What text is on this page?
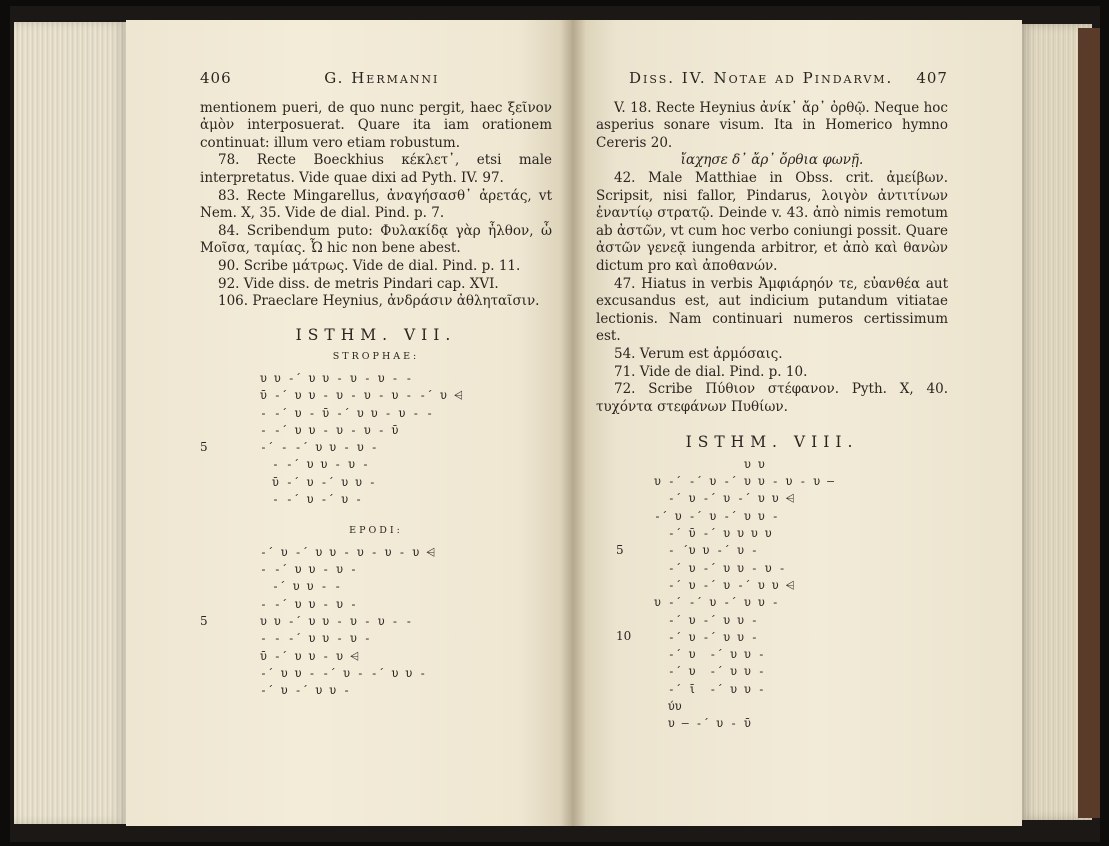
406	G. Hermanni

mentionem pueri, de quo nunc pergit, haec ξεῖνον ἀμὸν interposuerat. Quare ita iam orationem continuat: illum vero etiam robustum.

78. Recte Boeckhius κέκλετ᾿, etsi male interpretatus. Vide quae dixi ad Pyth. IV. 97.

83. Recte Mingarellus, ἀναγήσασθ᾿ ἀρετάς, vt Nem. X, 35. Vide de dial. Pind. p. 7.

84. Scribendum puto: Φυλακίδᾳ γὰρ ἦλθον, ὦ Μοῖσα, ταμίας. Ὦ hic non bene abest.

90. Scribe μάτρως. Vide de dial. Pind. p. 11.

92. Vide diss. de metris Pindari cap. XVI.

106. Praeclare Heynius, ἀνδράσιν ἀθληταῖσιν.

ISTHM. VII.
STROPHAE:
υ υ -΄ υ υ - υ - υ - -
ῡ -΄ υ υ - υ - υ - υ - -΄ υ ⩤
- -΄ υ - ῡ -΄ υ υ - υ - -
- -΄ υ υ - υ - υ - ῡ
-΄ - -΄ υ υ - υ -
- -΄ υ υ - υ -
ῡ -΄ υ -΄ υ υ -
- -΄ υ -΄ υ -
5
EPODI:
-΄ υ -΄ υ υ - υ - υ - υ ⩤
- -΄ υ υ - υ -
-΄ υ υ - -
- -΄ υ υ - υ -
υ υ -΄ υ υ - υ - υ - -
- - -΄ υ υ - υ -
ῡ -΄ υ υ - υ ⩤
-΄ υ υ - -΄ υ - -΄ υ υ -
-΄ υ -΄ υ υ -
5
Diss. IV. Notae ad Pindarvm. 407

V. 18. Recte Heynius ἀνίκ᾿ ἄρ᾿ ὀρθῷ. Neque hoc asperius sonare visum. Ita in Homerico hymno Cereris 20.

ἴαχησε δ᾿ ἄρ᾿ ὄρθια φωνῇ.

42. Male Matthiae in Obss. crit. ἀμείβων. Scripsit, nisi fallor, Pindarus, λοιγὸν ἀντιτίνων ἐναντίῳ στρατῷ. Deinde v. 43. ἀπὸ nimis remotum ab ἀστῶν, vt cum hoc verbo coniungi possit. Quare ἀστῶν γενεᾷ iungenda arbitror, et ἀπὸ καὶ θανὼν dictum pro καὶ ἀποθανών.

47. Hiatus in verbis Ἀμφιάρηόν τε, εὐανθέα aut excusandus est, aut indicium putandum vitiatae lectionis. Nam continuari numeros certissimum est.

54. Verum est ἁρμόσαις.

71. Vide de dial. Pind. p. 10.

72. Scribe Πύθιον στέφανον. Pyth. X, 40. τυχόντα στεφάνων Πυθίων.

ISTHM. VIII.
υ υ
υ -΄ -΄ υ -΄ υ υ - υ - υ —
-΄ υ -΄ υ -΄ υ υ ⩤
-΄ υ -΄ υ -΄ υ υ -
-΄ ῡ -΄ υ υ υ υ
- ΄υ υ -΄ υ -
-΄ υ -΄ υ υ - υ -
-΄ υ -΄ υ -΄ υ υ ⩤
υ -΄ -΄ υ -΄ υ υ -
-΄ υ -΄ υ υ -
-΄ υ -΄ υ υ -
-΄ υ  -΄ υ υ -
-΄ υ  -΄ υ υ -
-΄ ῑ  -΄ υ υ -
ύυ
υ — -΄ υ - ῡ
5
10
